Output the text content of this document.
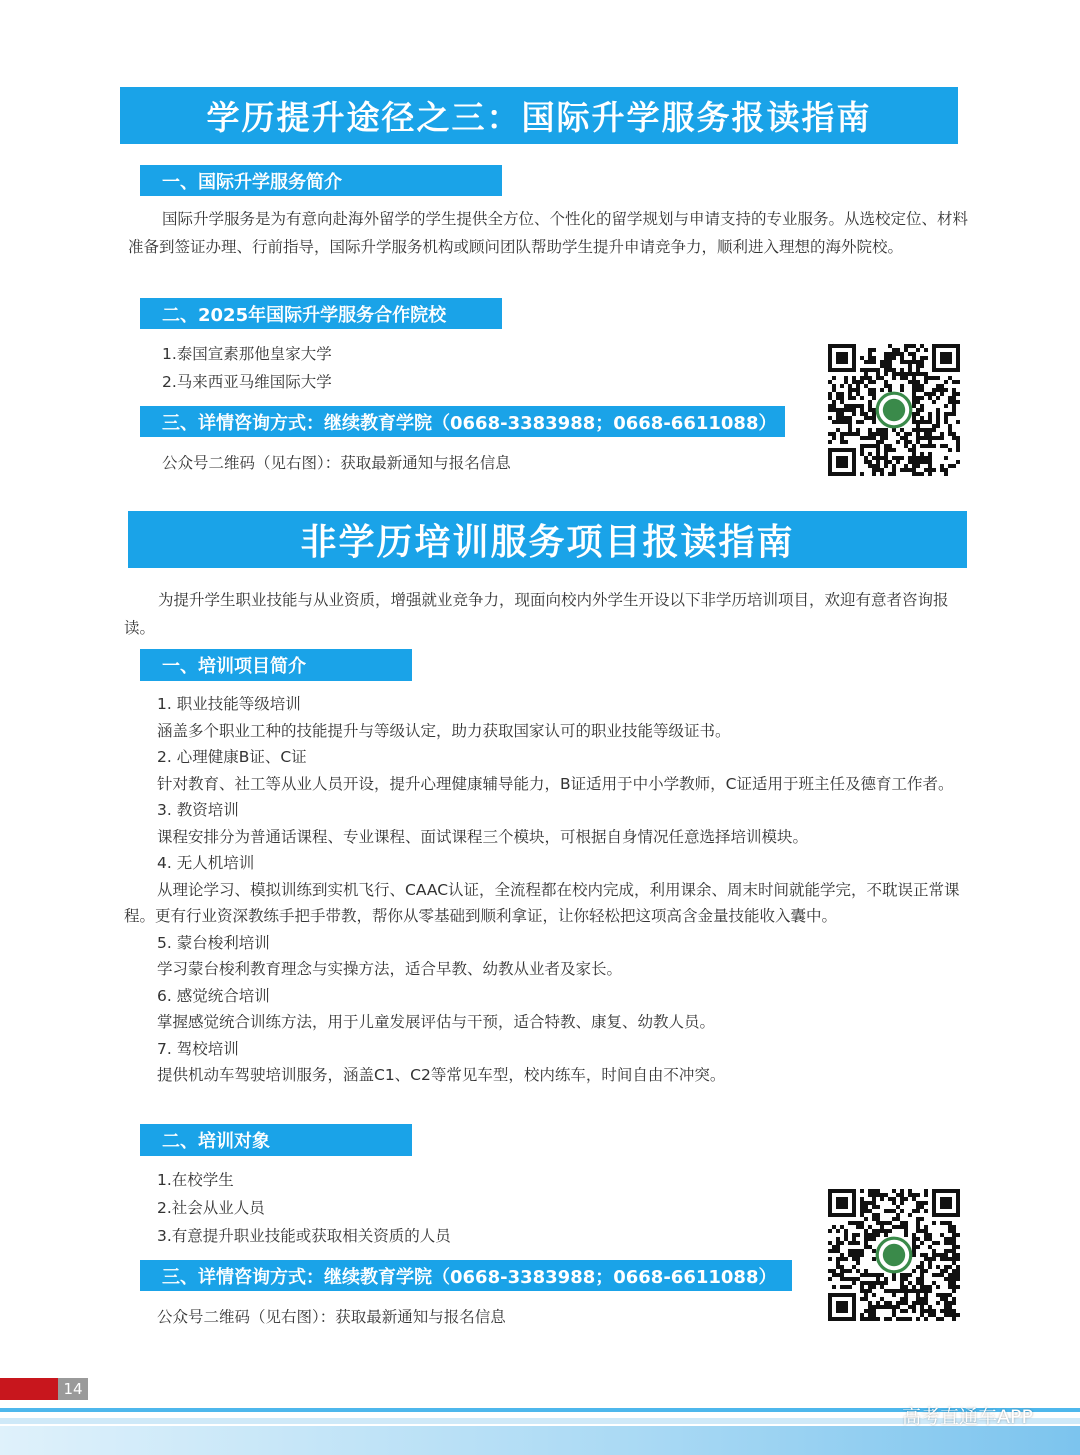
学历提升途径之三：国际升学服务报读指南
一、国际升学服务简介
国际升学服务是为有意向赴海外留学的学生提供全方位、个性化的留学规划与申请支持的专业服务。从选校定位、材料准备到签证办理、行前指导，国际升学服务机构或顾问团队帮助学生提升申请竞争力，顺利进入理想的海外院校。
二、2025年国际升学服务合作院校
1.泰国宣素那他皇家大学
2.马来西亚马维国际大学
三、详情咨询方式：继续教育学院（0668-3383988；0668-6611088）
公众号二维码（见右图）：获取最新通知与报名信息
非学历培训服务项目报读指南
为提升学生职业技能与从业资质，增强就业竞争力，现面向校内外学生开设以下非学历培训项目，欢迎有意者咨询报读。
一、培训项目简介
1. 职业技能等级培训
涵盖多个职业工种的技能提升与等级认定，助力获取国家认可的职业技能等级证书。
2. 心理健康B证、C证
针对教育、社工等从业人员开设，提升心理健康辅导能力，B证适用于中小学教师，C证适用于班主任及德育工作者。
3. 教资培训
课程安排分为普通话课程、专业课程、面试课程三个模块，可根据自身情况任意选择培训模块。
4. 无人机培训
从理论学习、模拟训练到实机飞行、CAAC认证，全流程都在校内完成，利用课余、周末时间就能学完，不耽误正常课程。更有行业资深教练手把手带教，帮你从零基础到顺利拿证，让你轻松把这项高含金量技能收入囊中。
5. 蒙台梭利培训
学习蒙台梭利教育理念与实操方法，适合早教、幼教从业者及家长。
6. 感觉统合培训
掌握感觉统合训练方法，用于儿童发展评估与干预，适合特教、康复、幼教人员。
7. 驾校培训
提供机动车驾驶培训服务，涵盖C1、C2等常见车型，校内练车，时间自由不冲突。
二、培训对象
1.在校学生
2.社会从业人员
3.有意提升职业技能或获取相关资质的人员
三、详情咨询方式：继续教育学院（0668-3383988；0668-6611088）
公众号二维码（见右图）：获取最新通知与报名信息
14
高考直通车APP
